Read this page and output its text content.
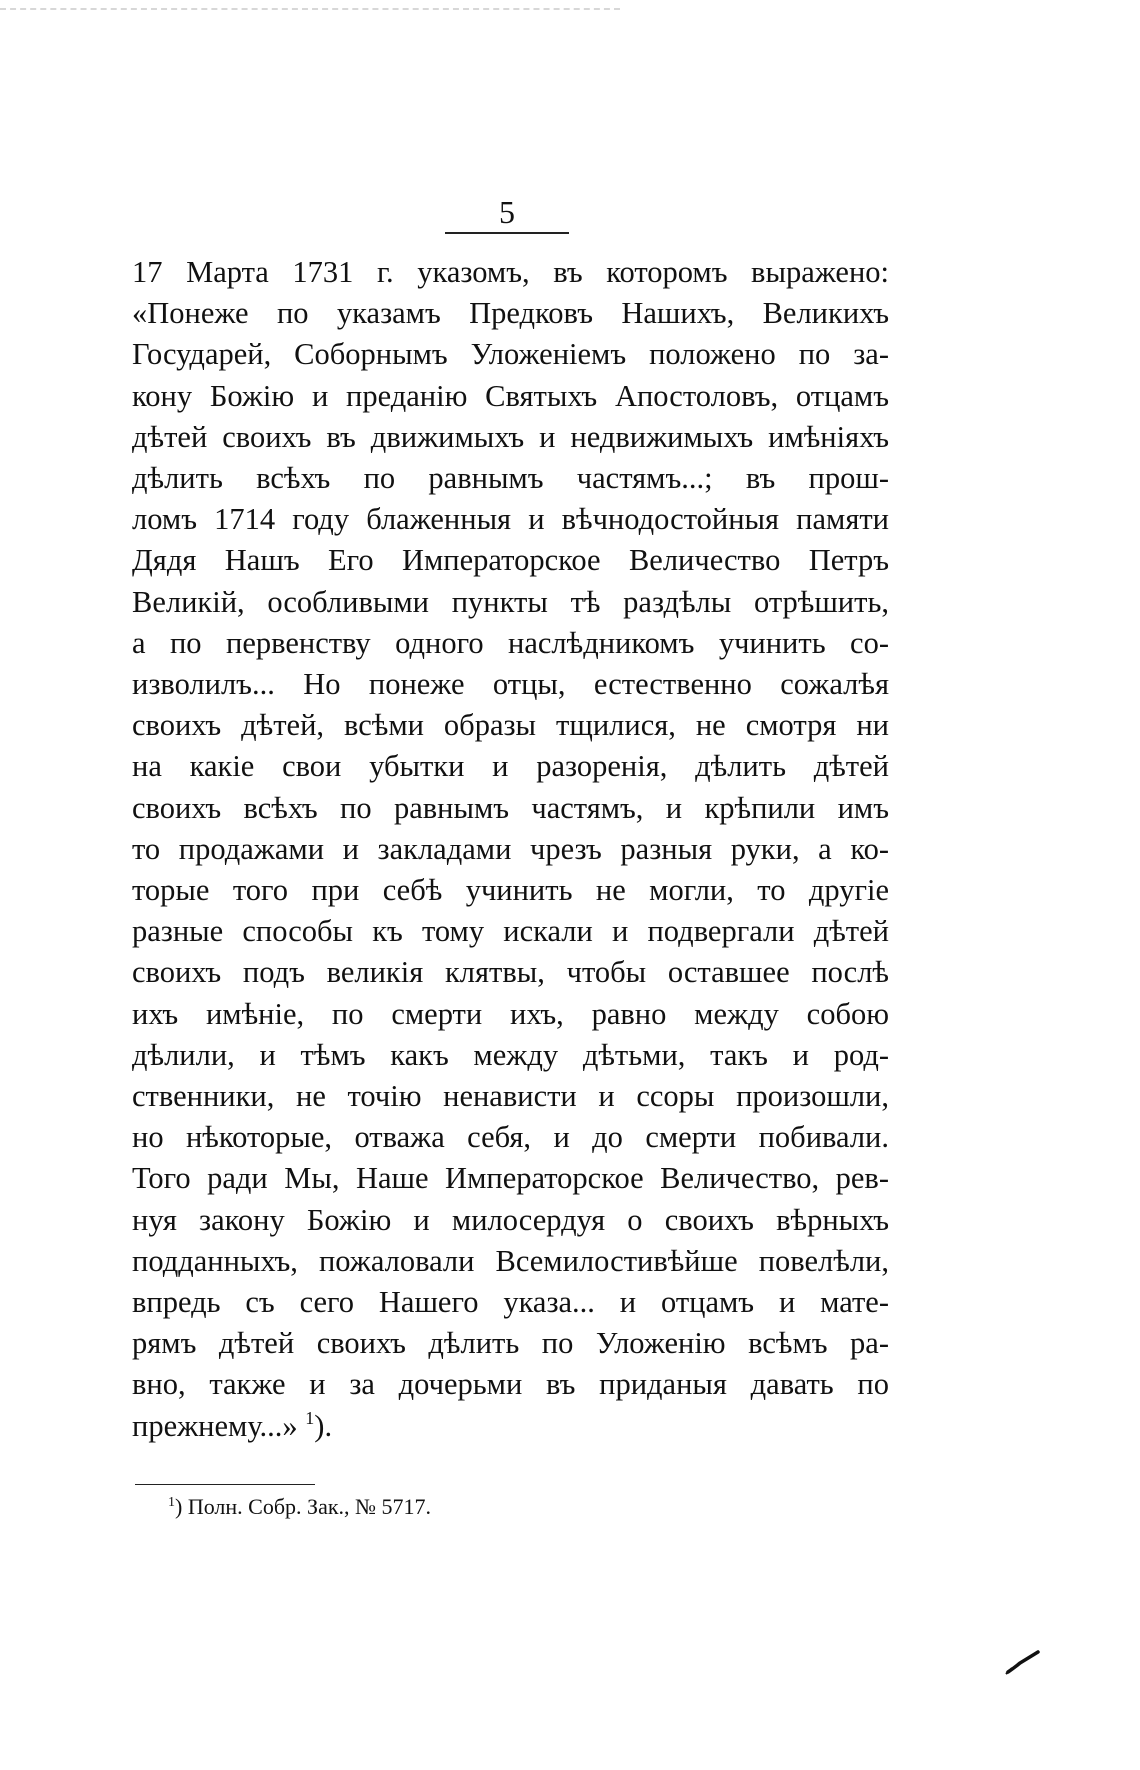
5
17 Марта 1731 г. указомъ, въ которомъ выражено:
«Понеже по указамъ Предковъ Нашихъ, Великихъ
Государей, Соборнымъ Уложеніемъ положено по за-
кону Божію и преданію Святыхъ Апостоловъ, отцамъ
дѣтей своихъ въ движимыхъ и недвижимыхъ имѣніяхъ
дѣлить всѣхъ по равнымъ частямъ...; въ прош-
ломъ 1714 году блаженныя и вѣчнодостойныя памяти
Дядя Нашъ Его Императорское Величество Петръ
Великій, особливыми пункты тѣ раздѣлы отрѣшить,
а по первенству одного наслѣдникомъ учинить со-
изволилъ... Но понеже отцы, естественно сожалѣя
своихъ дѣтей, всѣми образы тщилися, не смотря ни
на какіе свои убытки и разоренія, дѣлить дѣтей
своихъ всѣхъ по равнымъ частямъ, и крѣпили имъ
то продажами и закладами чрезъ разныя руки, а ко-
торые того при себѣ учинить не могли, то другіе
разные способы къ тому искали и подвергали дѣтей
своихъ подъ великія клятвы, чтобы оставшее послѣ
ихъ имѣніе, по смерти ихъ, равно между собою
дѣлили, и тѣмъ какъ между дѣтьми, такъ и род-
ственники, не точію ненависти и ссоры произошли,
но нѣкоторые, отважа себя, и до смерти побивали.
Того ради Мы, Наше Императорское Величество, рев-
нуя закону Божію и милосердуя о своихъ вѣрныхъ
подданныхъ, пожаловали Всемилостивѣйше повелѣли,
впредь съ сего Нашего указа... и отцамъ и мате-
рямъ дѣтей своихъ дѣлить по Уложенію всѣмъ ра-
вно, также и за дочерьми въ приданыя давать по
прежнему...» $^1$).
$^1$) Полн. Собр. Зак., № 5717.
